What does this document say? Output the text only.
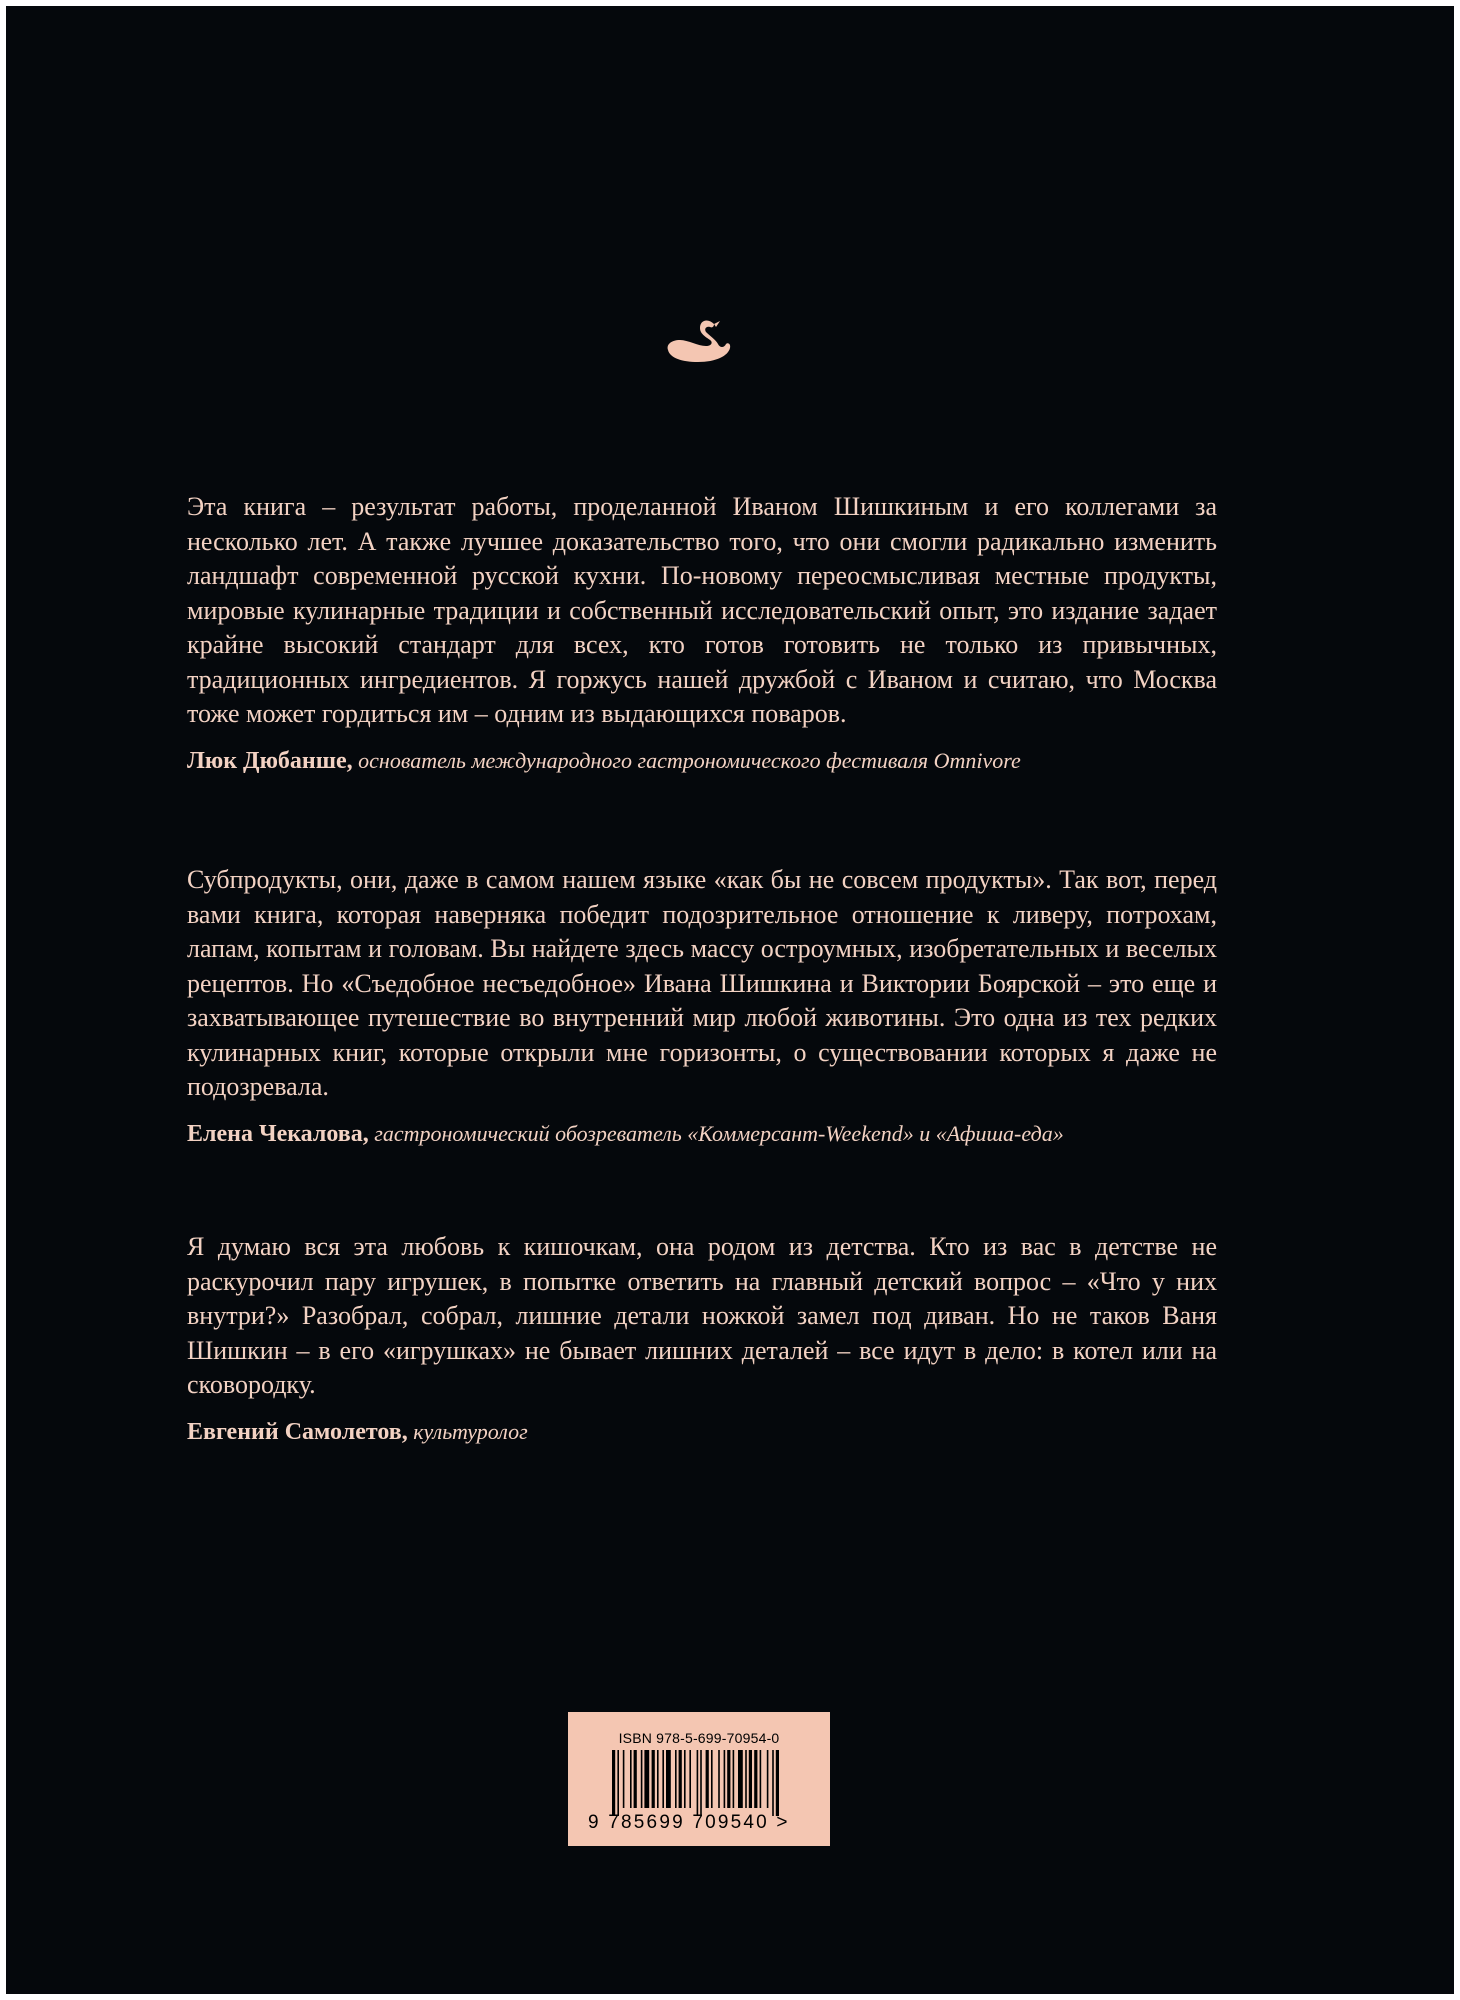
Эта книга – результат работы, проделанной Иваном Шишкиным и его коллегами за несколько лет. А также лучшее доказательство того, что они смогли радикально изменить ландшафт современной русской кухни. По-новому переосмысливая местные продукты, мировые кулинарные традиции и собственный исследовательский опыт, это издание задает крайне высокий стандарт для всех, кто готов готовить не только из привычных, традиционных ингредиентов. Я горжусь нашей дружбой с Иваном и считаю, что Москва тоже может гордиться им – одним из выдающихся поваров.

Люк Дюбанше, основатель международного гастрономического фестиваля Omnivore

Субпродукты, они, даже в самом нашем языке «как бы не совсем продукты». Так вот, перед вами книга, которая наверняка победит подозрительное отношение к ливеру, потрохам, лапам, копытам и головам. Вы найдете здесь массу остроумных, изобретательных и веселых рецептов. Но «Съедобное несъедобное» Ивана Шишкина и Виктории Боярской – это еще и захватывающее путешествие во внутренний мир любой животины. Это одна из тех редких кулинарных книг, которые открыли мне горизонты, о существовании которых я даже не подозревала.

Елена Чекалова, гастрономический обозреватель «Коммерсант-Weekend» и «Афиша-еда»

Я думаю вся эта любовь к кишочкам, она родом из детства. Кто из вас в детстве не раскурочил пару игрушек, в попытке ответить на главный детский вопрос – «Что у них внутри?» Разобрал, собрал, лишние детали ножкой замел под диван. Но не таков Ваня Шишкин – в его «игрушках» не бывает лишних деталей – все идут в дело: в котел или на сковородку.

Евгений Самолетов, культуролог
ISBN 978-5-699-70954-0
9 785699 709540 >
